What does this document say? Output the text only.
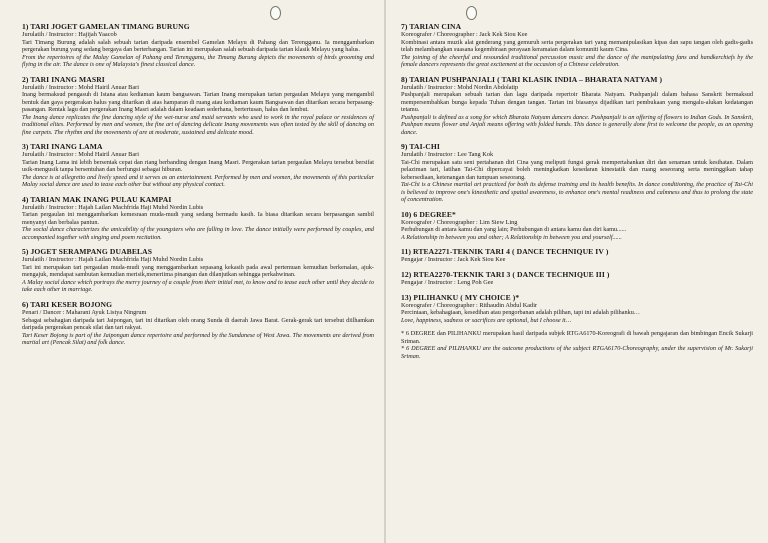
1) TARI JOGET GAMELAN TIMANG BURUNG
Jurulatih / Instructor : Hajijah Yaacob

Tari Timang Burung adalah salah sebuah tarian daripada ensembel Gamelan Melayu di Pahang dan Terengganu. Ia menggambarkan pergerakan burung yang sedang bergaya dan berterbangan. Tarian ini merupakan salah sebuah daripada tarian klasik Melayu yang halus.

From the repertoires of the Malay Gamelan of Pahang and Terengganu, the Timang Burung depicts the movements of birds grooming and flying in the air. The dance is one of Malaysia's finest classical dance.

2) TARI INANG MASRI
Jurulatih / Instructor : Mohd Hairil Anuar Bari

Inang bermaksud pengasuh di Istana atau kediaman kaum bangsawan. Tarian Inang merupakan tarian pergaulan Melayu yang mengambil bentuk dan gaya pergerakan halus yang ditarikan di atas hamparan di ruang atau kediaman kaum Bangsawan dan ditarikan secara berpasang-pasangan. Rentak lagu dan pergerakan Inang Masri adalah dalam keadaan sederhana, bertertusan, halus dan lembut.

The Inang dance replicates the fine dancing style of the wet-nurse and maid servants who used to work in the royal palace or residences of traditional elites. Performed by men and women, the fine art of dancing delicate Inang movements was often tested by the skill of dancing on fine carpets. The rhythm and the movements of are at moderate, sustained and delicate mood.

3) TARI INANG LAMA
Jurulatih / Instructor : Mohd Hairil Anuar Bari

Tarian Inang Lama ini lebih bersentak cepat dan riang berbanding dengan Inang Masri. Pergerakan tarian pergaulan Melayu tersebut bersifat usik-mengusik tanpa bersentuhan dan berfungsi sebagai hiburan.

The dance is at allegretto and lively speed and it serves as an entertainment. Performed by men and women, the movements of this particular Malay social dance are used to tease each other but without any physical contact.

4) TARIAN MAK INANG PULAU KAMPAI
Jurulatih / Instructor : Hajah Lailan Machfrida Haji Muhd Nordin Lubis

Tarian pergaulan ini menggambarkan kemesraan muda-mudi yang sedang bermadu kasih. Ia biasa ditarikan secara berpasangan sambil menyanyi dan berbalas pantun.

The social dance characterizes the amicability of the youngsters who are falling in love. The dance initially were performed by couples, and accompanied together with singing and poem recitation.

5) JOGET SERAMPANG DUABELAS
Jurulatih / Instructor : Hajah Lailan Machfrida Haji Muhd Nordin Lubis

Tari ini merupakan tari pergaulan muda-mudi yang menggambarkan sepasang kekasih pada awal pertemuan kemudian berkenalan, ajuk-mengajuk, mendapat sambutan kemudian merisik,meneriima pinangan dan dilanjutkan sehingga perkahwinan.

A Malay social dance which portrays the merry journey of a couple from their initial met, to know and to tease each other until they decide to take each other in marriage.

6) TARI KESER BOJONG
Penari / Dancer : Maharani Ayuk Listya Ningrum

Sebagai sebahagian daripada tari Jaipongan, tari ini ditarikan oleh orang Sunda di daerah Jawa Barat. Gerak-gerak tari tersebut diilhamkan daripada pergerakan pencak silat dan tari rakyat.

Tari Keser Bojong is part of the Jaipongan dance repertoire and performed by the Sundanese of West Jawa. The movements are derived from martial art (Pencak Silat) and folk dance.

7) TARIAN CINA
Koreografer / Choreographer : Jack Kek Siou Kee

Kombinasi antara muzik alat genderang yang gemuruh serta pergerakan tari yang memanipulasikan kipas dan sapu tangan oleh gadis-gadis telah melambangkan suasana kegembiraan perayaan keramaian dalam komuniti kaum Cina.

The joining of the cheerful and resounded traditional percussion music and the dance of the manipulating fans and handkerchiefs by the female dancers represents the great excitement at the occasion of a Chinese celebration.

8) TARIAN PUSHPANJALI ( TARI KLASIK INDIA – BHARATA NATYAM )
Jurulatih / Instructor : Mohd Nordin Abdolatip

Pushpanjali merupakan sebuah tarian dan lagu daripada repertoir Bharata Natyam. Pushpanjali dalam bahasa Sanskrit bermaksud mempersembahkan bunga kepada Tuhan dengan tangan. Tarian ini biasanya dijadikan tari pembukaan yang mengalu-alukan kedatangan tetamu.

Pushpanjali is defined as a song for which Bharata Natyam dancers dance. Pushpanjali is an offering of flowers to Indian Gods. In Sanskrit, Pushpan means flower and Anjali means offering with folded hands. This dance is generally done first to welcome the people, as an opening dance.

9) TAI-CHI
Jurulatih / Instructor : Lee Tang Kok

Tai-Chi merupakan satu seni pertahanan diri Cina yang meliputi fungsi gerak mempertahankan diri dan senaman untuk kesihatan. Dalam pelaziman tari, latihan Tai-Chi dipercayai boleh meningkatkan kesedaran kinestatik dan ruang seseorang serta meninggikan tahap kebersediaan, ketenangan dan tumpuan seseorang.

Tai-Chi is a Chinese martial art practiced for both its defense training and its health benefits. In dance conditioning, the practice of Tai-Chi is believed to improve one's kinesthetic and spatial awareness, to enhance one's mental readiness and calmness and thus to prolong the state of concentration.

10) 6 DEGREE*
Koreografer / Choreographer : Lim Siew Ling

Perhubungan di antara kamu dan yang lain; Perhubungan di antara kamu dan diri kamu......

A Relationship in between you and other; A Relationship in between you and yourself......

11) RTEA2271-TEKNIK TARI 4 ( DANCE TECHNIQUE IV )
Pengajar / Instructor : Jack Kek Siou Kee
12) RTEA2270-TEKNIK TARI 3 ( DANCE TECHNIQUE III )
Pengajar / Instructor : Leng Poh Gee
13) PILIHANKU ( MY CHOICE )*
Koreografer / Choreographer : Rithaudin Abdul Kadir

Percintaan, kebahagiaan, kesedihan atau pengorbanan adalah pilihan, tapi ini adalah pilihanku…

Love, happiness, sadness or sacrifices are optional, but I choose it…

* 6 DEGREE dan PILIHANKU merupakan hasil daripada subjek RTGA6170-Koreografi di bawah pengajaran dan bimbingan Encik Sukarji Sriman.

* 6 DEGREE and PILIHANKU are the outcome productions of the subject RTGA6170-Choreography, under the supervision of Mr. Sukarji Sriman.
